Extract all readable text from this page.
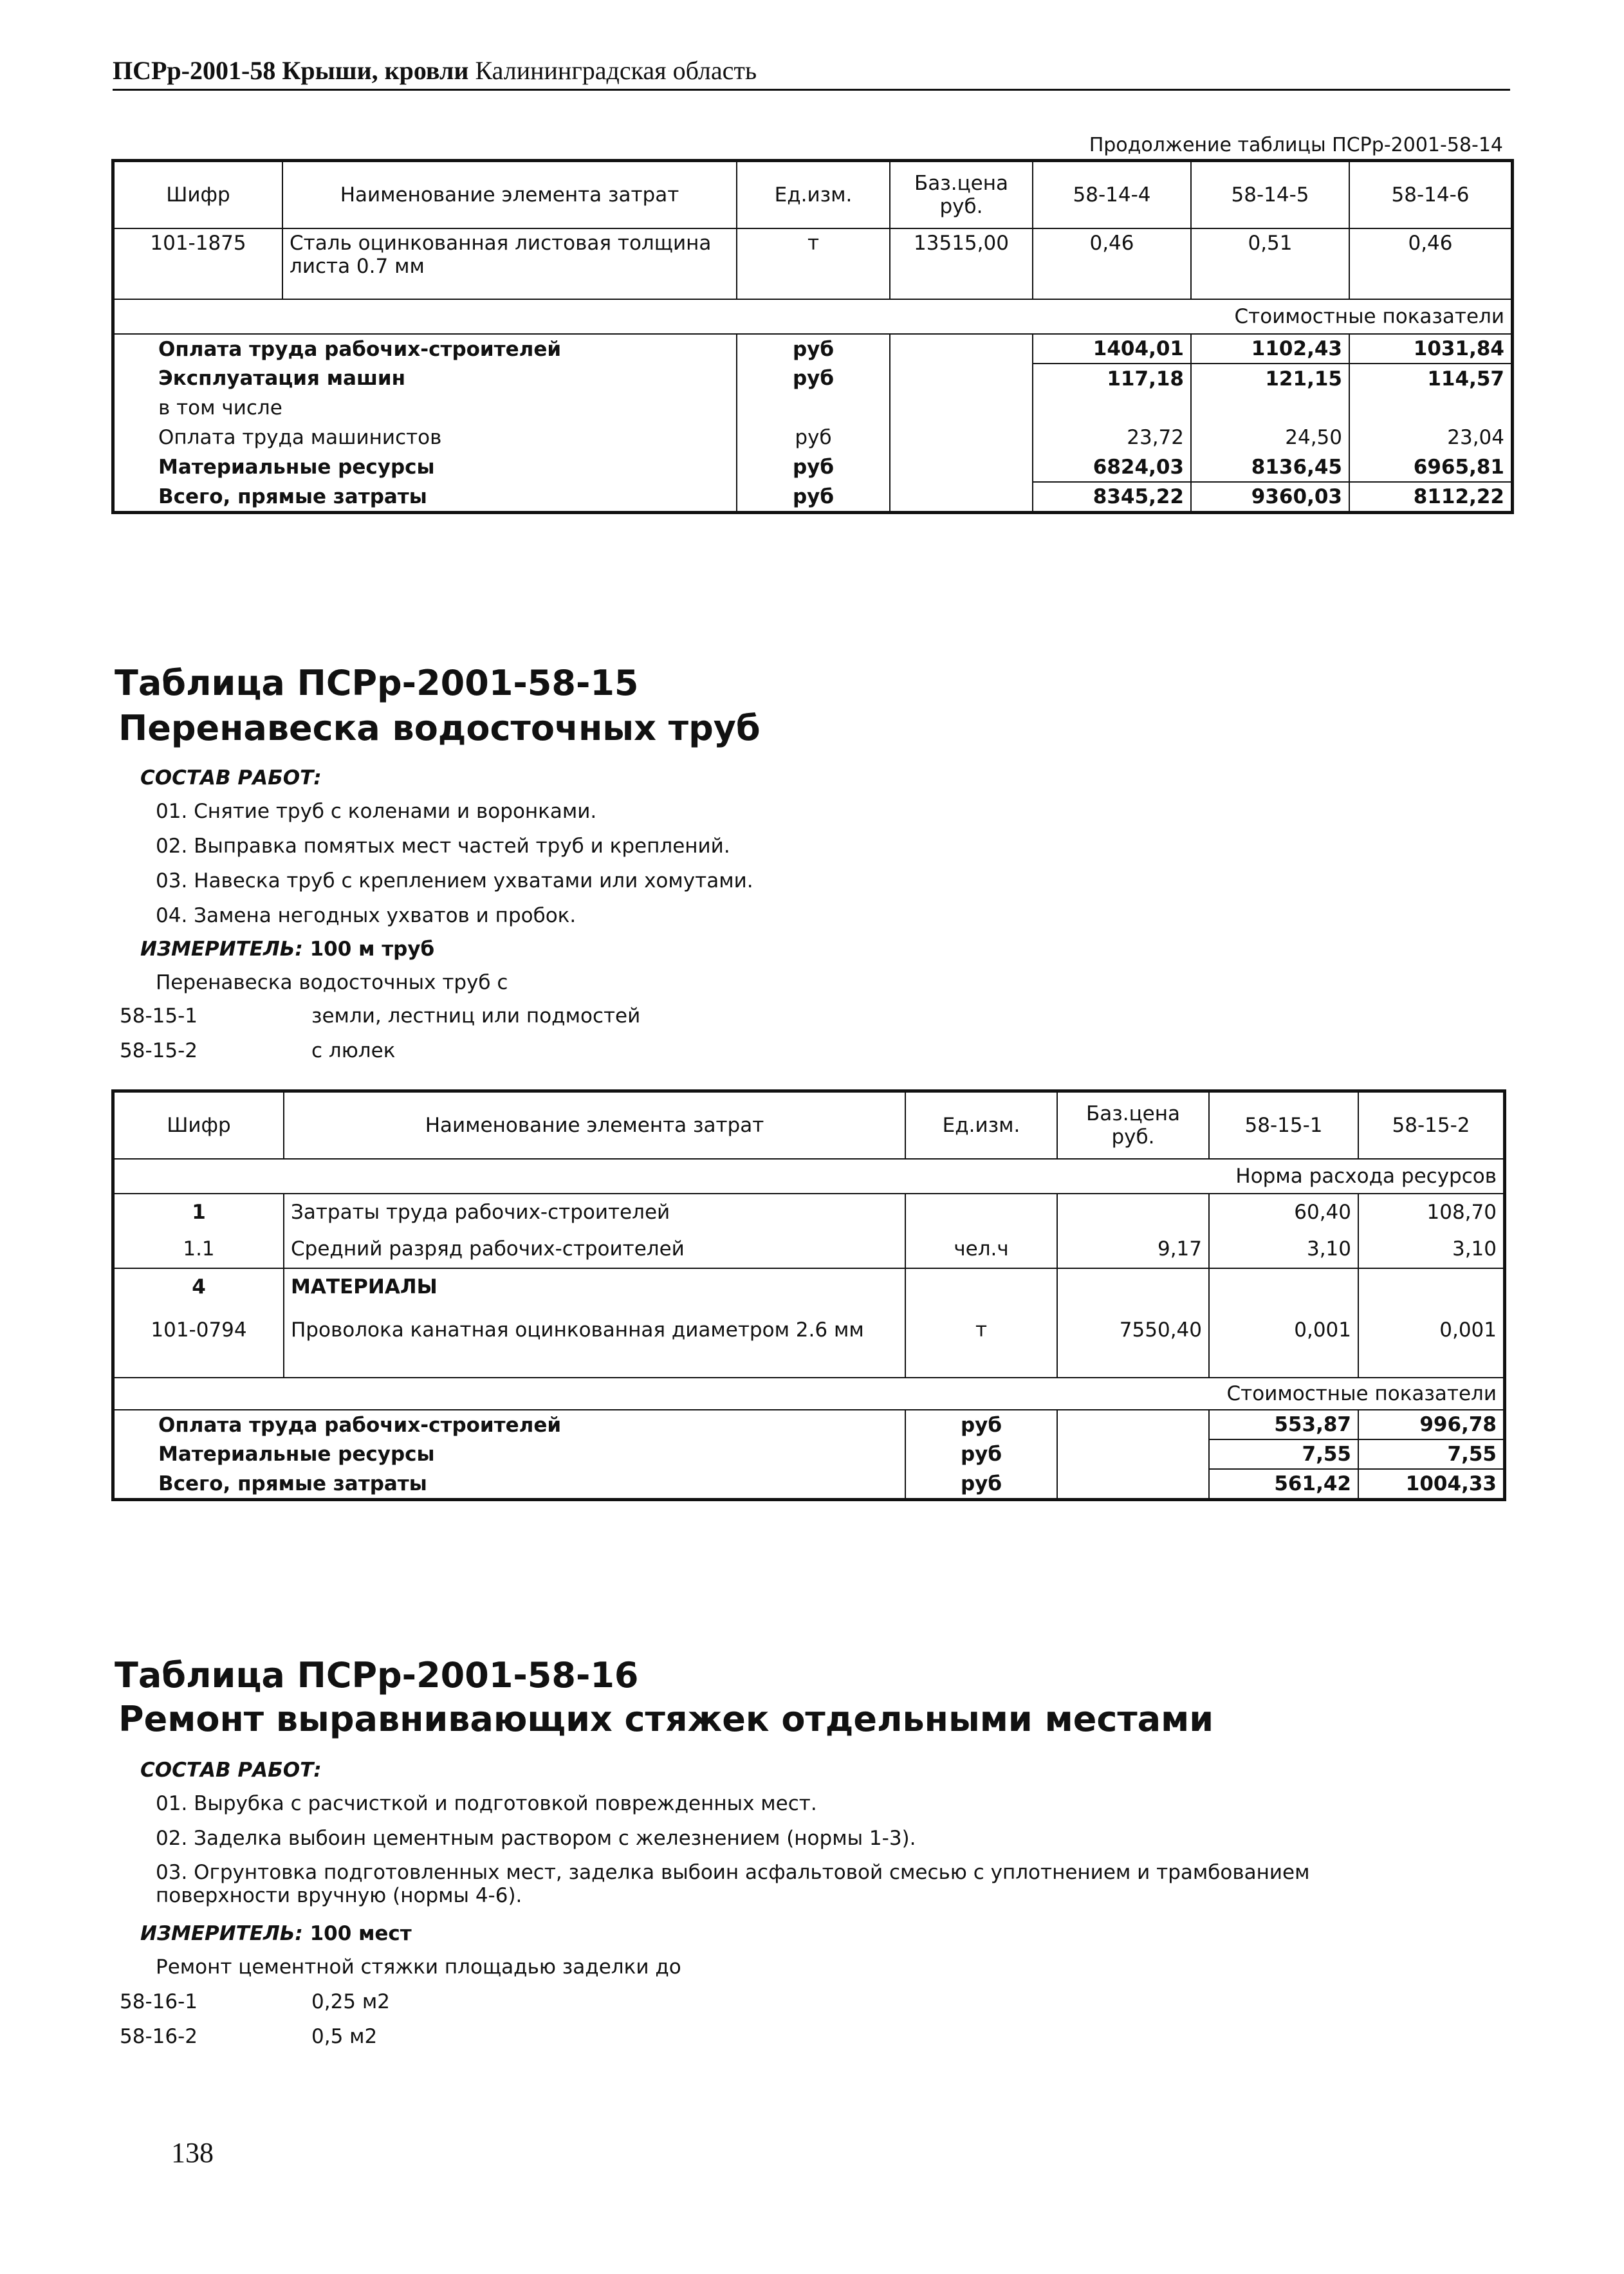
ПСРр-2001-58 Крыши, кровли Калининградская область
Продолжение таблицы ПСРр-2001-58-14
Шифр	Наименование элемента затрат	Ед.изм.	Баз.цена руб.	58-14-4	58-14-5	58-14-6
101-1875	Сталь оцинкованная листовая толщина листа 0.7 мм	т	13515,00	0,46	0,51	0,46
Стоимостные показатели						
Оплата труда рабочих-строителей		руб		1404,01	1102,43	1031,84
Эксплуатация машин		руб		117,18	121,15	114,57
в том числе						
Оплата труда машинистов		руб		23,72	24,50	23,04
Материальные ресурсы		руб		6824,03	8136,45	6965,81
Всего, прямые затраты		руб		8345,22	9360,03	8112,22
Таблица ПСРр-2001-58-15
Перенавеска водосточных труб
СОСТАВ РАБОТ:
01. Снятие труб с коленами и воронками.
02. Выправка помятых мест частей труб и креплений.
03. Навеска труб с креплением ухватами или хомутами.
04. Замена негодных ухватов и пробок.
ИЗМЕРИТЕЛЬ: 100 м труб
Перенавеска водосточных труб с
58-15-1	земли, лестниц или подмостей
58-15-2	с люлек
Шифр	Наименование элемента затрат	Ед.изм.	Баз.цена руб.	58-15-1	58-15-2
Норма расхода ресурсов					
1	Затраты труда рабочих-строителей			60,40	108,70
1.1	Средний разряд рабочих-строителей	чел.ч	9,17	3,10	3,10
4	МАТЕРИАЛЫ				
101-0794	Проволока канатная оцинкованная диаметром 2.6 мм	т	7550,40	0,001	0,001

Стоимостные показатели					
Оплата труда рабочих-строителей		руб		553,87	996,78
Материальные ресурсы		руб		7,55	7,55
Всего, прямые затраты		руб		561,42	1004,33
Таблица ПСРр-2001-58-16
Ремонт выравнивающих стяжек отдельными местами
СОСТАВ РАБОТ:
01. Вырубка с расчисткой и подготовкой поврежденных мест.
02. Заделка выбоин цементным раствором с железнением (нормы 1-3).
03. Огрунтовка подготовленных мест, заделка выбоин асфальтовой смесью с уплотнением и трамбованием поверхности вручную (нормы 4-6).
ИЗМЕРИТЕЛЬ: 100 мест
Ремонт цементной стяжки площадью заделки до
58-16-1	0,25 м2
58-16-2	0,5 м2
138
